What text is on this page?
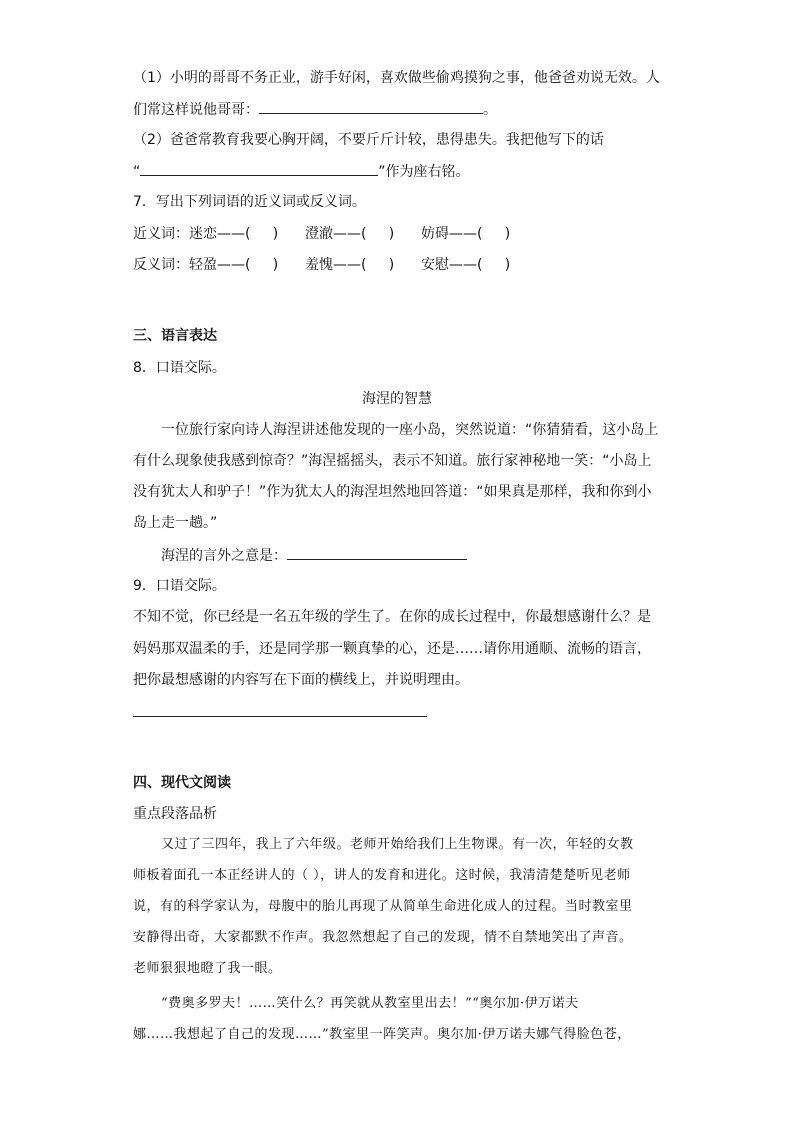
（1）小明的哥哥不务正业，游手好闲，喜欢做些偷鸡摸狗之事，他爸爸劝说无效。人
们常这样说他哥哥：	。
（2）爸爸常教育我要心胸开阔，不要斤斤计较，患得患失。我把他写下的话
“	”作为座右铭。
7．写出下列词语的近义词或反义词。
近义词：迷恋——( ) 澄澈——( ) 妨碍——( )
反义词：轻盈——( ) 羞愧——( ) 安慰——( )
三、语言表达
8．口语交际。
海涅的智慧
一位旅行家向诗人海涅讲述他发现的一座小岛，突然说道：“你猜猜看，这小岛上
有什么现象使我感到惊奇？”海涅摇摇头，表示不知道。旅行家神秘地一笑：“小岛上
没有犹太人和驴子！”作为犹太人的海涅坦然地回答道：“如果真是那样，我和你到小
岛上走一趟。”
海涅的言外之意是：
9．口语交际。
不知不觉，你已经是一名五年级的学生了。在你的成长过程中，你最想感谢什么？是
妈妈那双温柔的手，还是同学那一颗真挚的心，还是……请你用通顺、流畅的语言，
把你最想感谢的内容写在下面的横线上，并说明理由。
四、现代文阅读
重点段落品析
又过了三四年，我上了六年级。老师开始给我们上生物课。有一次，年轻的女教
师板着面孔一本正经讲人的（ ），讲人的发育和进化。这时候，我清清楚楚听见老师
说，有的科学家认为，母腹中的胎儿再现了从简单生命进化成人的过程。当时教室里
安静得出奇，大家都默不作声。我忽然想起了自己的发现，情不自禁地笑出了声音。
老师狠狠地瞪了我一眼。
“费奥多罗夫！……笑什么？再笑就从教室里出去！”“奥尔加·伊万诺夫
娜……我想起了自己的发现……”教室里一阵笑声。奥尔加·伊万诺夫娜气得脸色苍，
